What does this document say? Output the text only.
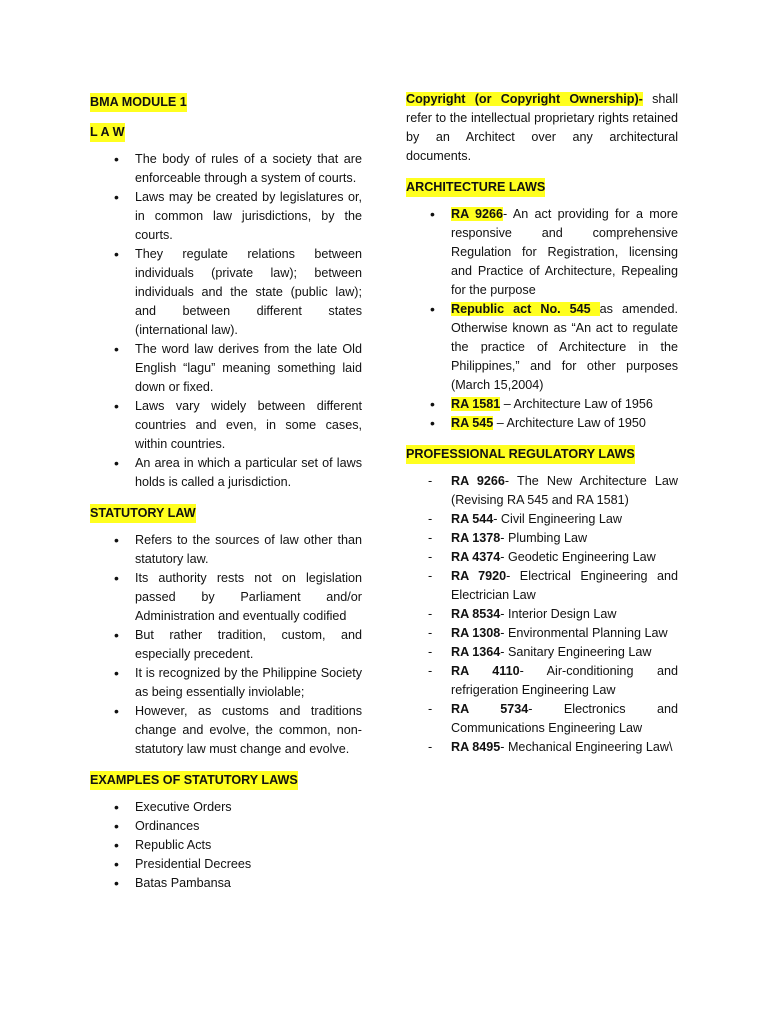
BMA MODULE 1
L A W
• The body of rules of a society that are enforceable through a system of courts.
• Laws may be created by legislatures or, in common law jurisdictions, by the courts.
• They regulate relations between individuals (private law); between individuals and the state (public law); and between different states (international law).
• The word law derives from the late Old English “lagu” meaning something laid down or fixed.
• Laws vary widely between different countries and even, in some cases, within countries.
• An area in which a particular set of laws holds is called a jurisdiction.
STATUTORY LAW
• Refers to the sources of law other than statutory law.
• Its authority rests not on legislation passed by Parliament and/or Administration and eventually codified
• But rather tradition, custom, and especially precedent.
• It is recognized by the Philippine Society as being essentially inviolable;
• However, as customs and traditions change and evolve, the common, non-statutory law must change and evolve.
EXAMPLES OF STATUTORY LAWS
• Executive Orders
• Ordinances
• Republic Acts
• Presidential Decrees
• Batas Pambansa
Copyright (or Copyright Ownership)- shall refer to the intellectual proprietary rights retained by an Architect over any architectural documents.
ARCHITECTURE LAWS
• RA 9266- An act providing for a more responsive and comprehensive Regulation for Registration, licensing and Practice of Architecture, Repealing for the purpose
• Republic act No. 545 as amended. Otherwise known as “An act to regulate the practice of Architecture in the Philippines,” and for other purposes (March 15,2004)
• RA 1581 – Architecture Law of 1956
• RA 545 – Architecture Law of 1950
PROFESSIONAL REGULATORY LAWS
- RA 9266- The New Architecture Law (Revising RA 545 and RA 1581)
- RA 544- Civil Engineering Law
- RA 1378- Plumbing Law
- RA 4374- Geodetic Engineering Law
- RA 7920- Electrical Engineering and Electrician Law
- RA 8534- Interior Design Law
- RA 1308- Environmental Planning Law
- RA 1364- Sanitary Engineering Law
- RA 4110- Air-conditioning and refrigeration Engineering Law
- RA 5734- Electronics and Communications Engineering Law
- RA 8495- Mechanical Engineering Law\
